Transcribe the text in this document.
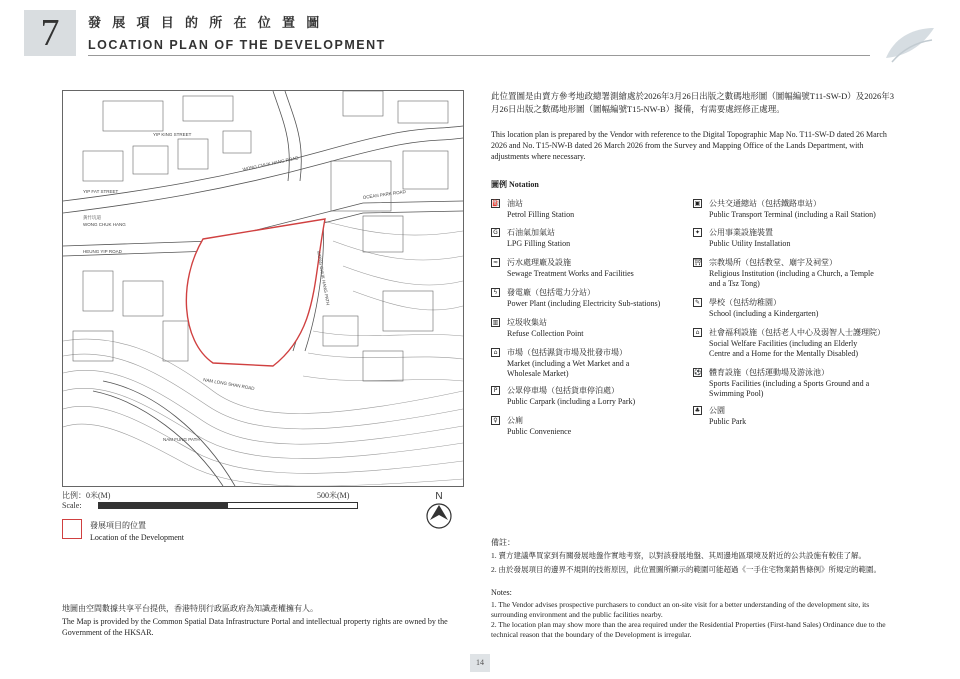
7	發 展 項 目 的 所 在 位 置 圖
LOCATION PLAN OF THE DEVELOPMENT
YIP KING STREET
YIP FAT STREET
WONG CHUK HANG ROAD
HEUNG YIP ROAD
OCEAN PARK ROAD
NAM LONG SHAN ROAD
WONG CHUK HANG PATH
NAM FUNG PATH
WONG CHUK HANG
黃竹坑道
比例：0米(M)	500米(M)
Scale:
N
發展項目的位置
Location of the Development
地圖由空間數據共享平台提供，香港特別行政區政府為知識產權擁有人。
The Map is provided by the Common Spatial Data Infrastructure Portal and intellectual property rights are owned by the Government of the HKSAR.
此位置圖是由賣方參考地政總署測繪處於2026年3月26日出版之數碼地形圖（圖幅編號T11-SW-D）及2026年3月26日出版之數碼地形圖（圖幅編號T15-NW-B）擬備，有需要處經修正處理。
This location plan is prepared by the Vendor with reference to the Digital Topographic Map No. T11-SW-D dated 26 March 2026 and No. T15-NW-B dated 26 March 2026 from the Survey and Mapping Office of the Lands Department, with adjustments where necessary.
圖例 Notation
⛽ 油站
Petrol Filling Station
G 石油氣加氣站
LPG Filling Station
≈ 污水處理廠及設施
Sewage Treatment Works and Facilities
ϟ	發電廠（包括電力分站）
Power Plant (including Electricity Sub-stations)
▥ 垃圾收集站
Refuse Collection Point
⌂	市場（包括濕貨市場及批發市場）
Market (including a Wet Market and a
Wholesale Market)
P	公眾停車場（包括貨車停泊處）
Public Carpark (including a Lorry Park)
♀ 公廁
Public Convenience
▣ 公共交通總站（包括鐵路車站）
Public Transport Terminal (including a Rail Station)
✦ 公用事業設施裝置
Public Utility Installation
⛩ 宗教場所（包括教堂、廟宇及祠堂）
Religious Institution (including a Church, a Temple
and a Tsz Tong)
✎ 學校（包括幼稚園）
School (including a Kindergarten)
⌂	社會福利設施（包括老人中心及弱智人士護理院）
Social Welfare Facilities (including an Elderly
Centre and a Home for the Mentally Disabled)
⚽ 體育設施（包括運動場及游泳池）
Sports Facilities (including a Sports Ground and a
Swimming Pool)
♣ 公園
Public Park
備註：
1. 賣方建議準買家到有關發展地盤作實地考察，以對該發展地盤、其周邊地區環境及附近的公共設施有較佳了解。
2. 由於發展項目的邊界不規則的技術原因，此位置圖所顯示的範圍可能超過《一手住宅物業銷售條例》所規定的範圍。
Notes:
1. The Vendor advises prospective purchasers to conduct an on-site visit for a better understanding of the development site, its surrounding environment and the public facilities nearby.
2. The location plan may show more than the area required under the Residential Properties (First-hand Sales) Ordinance due to the technical reason that the boundary of the Development is irregular.
14
